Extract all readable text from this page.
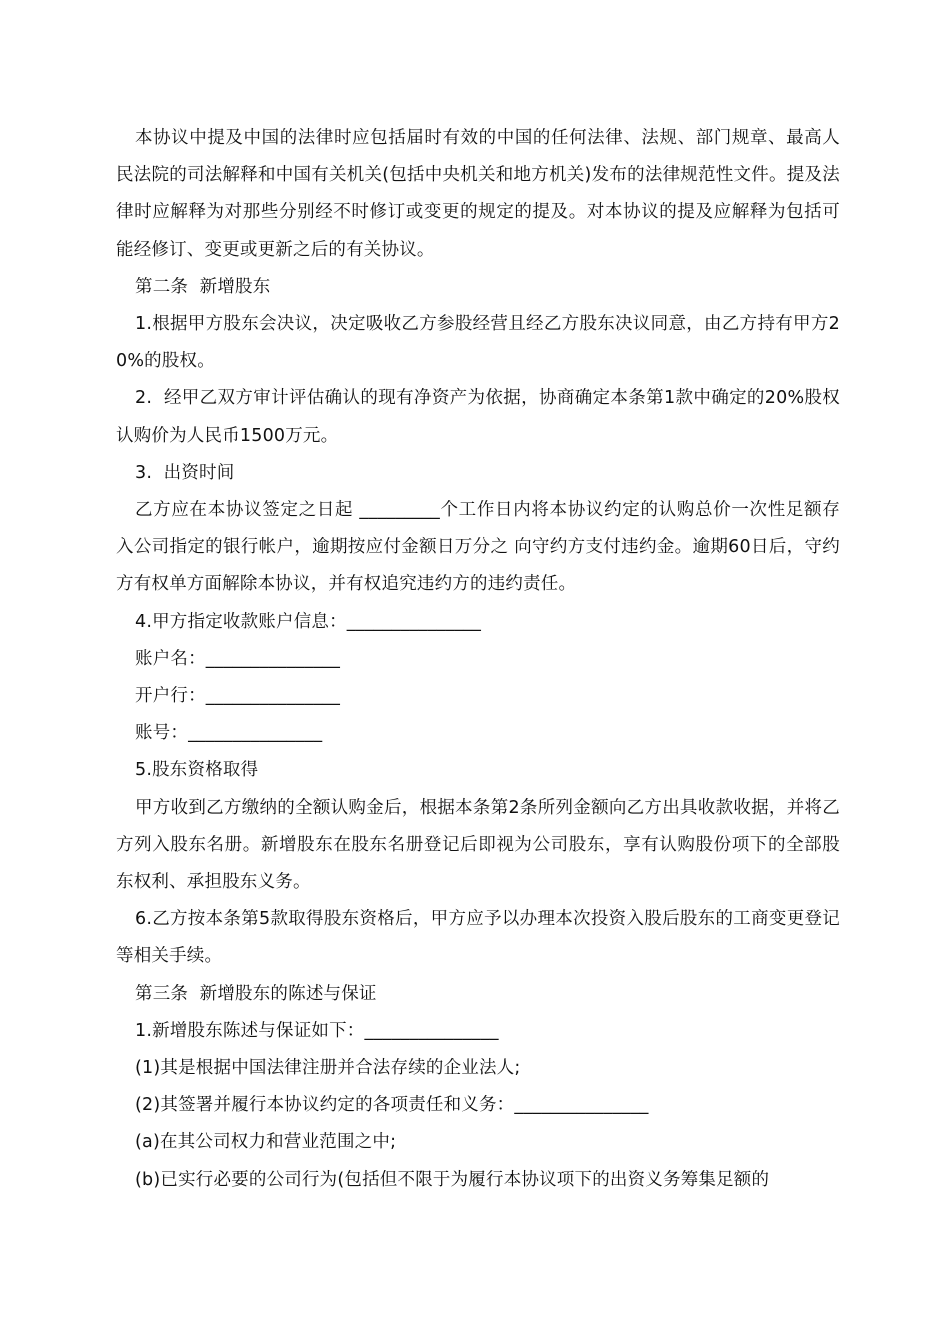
本协议中提及中国的法律时应包括届时有效的中国的任何法律、法规、部门规章、最高人民法院的司法解释和中国有关机关(包括中央机关和地方机关)发布的法律规范性文件。提及法律时应解释为对那些分别经不时修订或变更的规定的提及。对本协议的提及应解释为包括可能经修订、变更或更新之后的有关协议。

第二条  新增股东

1.根据甲方股东会决议，决定吸收乙方参股经营且经乙方股东决议同意，由乙方持有甲方20%的股权。

2.  经甲乙双方审计评估确认的现有净资产为依据，协商确定本条第1款中确定的20%股权认购价为人民币1500万元。

3.  出资时间

乙方应在本协议签定之日起 _________个工作日内将本协议约定的认购总价一次性足额存入公司指定的银行帐户，逾期按应付金额日万分之 向守约方支付违约金。逾期60日后，守约方有权单方面解除本协议，并有权追究违约方的违约责任。

4.甲方指定收款账户信息：_______________

账户名：_______________

开户行：_______________

账号：_______________

5.股东资格取得

甲方收到乙方缴纳的全额认购金后，根据本条第2条所列金额向乙方出具收款收据，并将乙方列入股东名册。新增股东在股东名册登记后即视为公司股东，享有认购股份项下的全部股东权利、承担股东义务。

6.乙方按本条第5款取得股东资格后，甲方应予以办理本次投资入股后股东的工商变更登记等相关手续。

第三条  新增股东的陈述与保证

1.新增股东陈述与保证如下：_______________

(1)其是根据中国法律注册并合法存续的企业法人;

(2)其签署并履行本协议约定的各项责任和义务：_______________

(a)在其公司权力和营业范围之中;

(b)已实行必要的公司行为(包括但不限于为履行本协议项下的出资义务筹集足额的
